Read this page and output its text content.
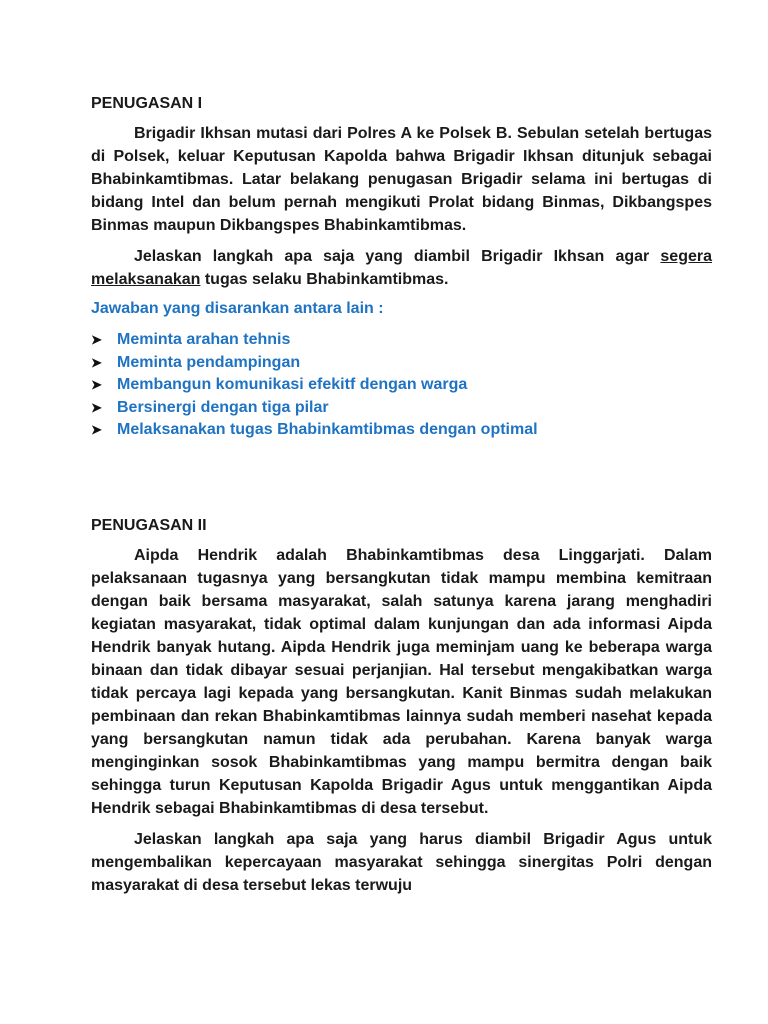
PENUGASAN I

Brigadir Ikhsan mutasi dari Polres A ke Polsek B. Sebulan setelah bertugas di Polsek, keluar Keputusan Kapolda bahwa Brigadir Ikhsan ditunjuk sebagai Bhabinkamtibmas. Latar belakang penugasan Brigadir selama ini bertugas di bidang Intel dan belum pernah mengikuti Prolat bidang Binmas, Dikbangspes Binmas maupun Dikbangspes Bhabinkamtibmas.

Jelaskan langkah apa saja yang diambil Brigadir Ikhsan agar segera melaksanakan tugas selaku Bhabinkamtibmas.

Jawaban yang disarankan antara lain :
➤ Meminta arahan tehnis
➤ Meminta pendampingan
➤ Membangun komunikasi efekitf dengan warga
➤ Bersinergi dengan tiga pilar
➤ Melaksanakan tugas Bhabinkamtibmas dengan optimal
PENUGASAN II

Aipda Hendrik adalah Bhabinkamtibmas desa Linggarjati. Dalam pelaksanaan tugasnya yang bersangkutan tidak mampu membina kemitraan dengan baik bersama masyarakat, salah satunya karena jarang menghadiri kegiatan masyarakat, tidak optimal dalam kunjungan dan ada informasi Aipda Hendrik banyak hutang. Aipda Hendrik juga meminjam uang ke beberapa warga binaan dan tidak dibayar sesuai perjanjian. Hal tersebut mengakibatkan warga tidak percaya lagi kepada yang bersangkutan. Kanit Binmas sudah melakukan pembinaan dan rekan Bhabinkamtibmas lainnya sudah memberi nasehat kepada yang bersangkutan namun tidak ada perubahan. Karena banyak warga menginginkan sosok Bhabinkamtibmas yang mampu bermitra dengan baik sehingga turun Keputusan Kapolda Brigadir Agus untuk menggantikan Aipda Hendrik sebagai Bhabinkamtibmas di desa tersebut.

Jelaskan langkah apa saja yang harus diambil Brigadir Agus untuk mengembalikan kepercayaan masyarakat sehingga sinergitas Polri dengan masyarakat di desa tersebut lekas terwuju
